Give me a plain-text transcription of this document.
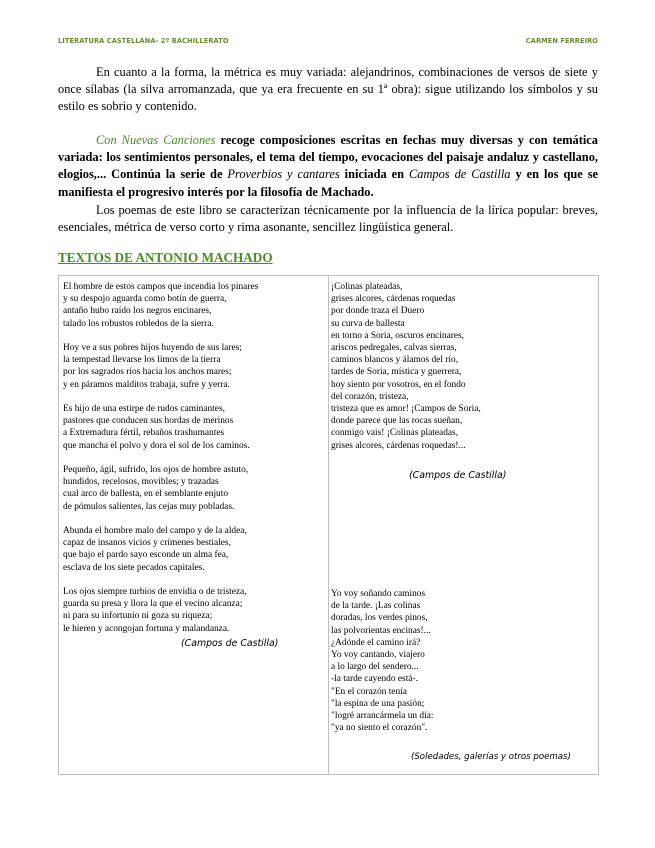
LITERATURA CASTELLANA- 2º BACHILLERATO	CARMEN FERREIRO
En cuanto a la forma, la métrica es muy variada: alejandrinos, combinaciones de versos de siete y once sílabas (la silva arromanzada, que ya era frecuente en su 1ª obra): sigue utilizando los símbolos y su estilo es sobrio y contenido.
Con Nuevas Canciones recoge composiciones escritas en fechas muy diversas y con temática variada: los sentimientos personales, el tema del tiempo, evocaciones del paisaje andaluz y castellano, elogios,... Continúa la serie de Proverbios y cantares iniciada en Campos de Castilla y en los que se manifiesta el progresivo interés por la filosofía de Machado.
Los poemas de este libro se caracterizan técnicamente por la influencia de la lírica popular: breves, esenciales, métrica de verso corto y rima asonante, sencillez lingüística general.
TEXTOS DE ANTONIO MACHADO
El hombre de estos campos que incendia los pinares
y su despojo aguarda como botín de guerra,
antaño hubo raído los negros encinares,
talado los robustos robledos de la sierra.
Hoy ve a sus pobres hijos huyendo de sus lares;
la tempestad llevarse los limos de la tierra
por los sagrados ríos hacia los anchos mares;
y en páramos malditos trabaja, sufre y yerra.
Es hijo de una estirpe de rudos caminantes,
pastores que conducen sus hordas de merinos
a Extremadura fértil, rebaños trashumantes
que mancha el polvo y dora el sol de los caminos.
Pequeño, ágil, sufrido, los ojos de hombre astuto,
hundidos, recelosos, movibles; y trazadas
cual arco de ballesta, en el semblante enjuto
de pómulos salientes, las cejas muy pobladas.
Abunda el hombre malo del campo y de la aldea,
capaz de insanos vicios y crímenes bestiales,
que bajo el pardo sayo esconde un alma fea,
esclava de los siete pecados capitales.
Los ojos siempre turbios de envidia o de tristeza,
guarda su presa y llora la que el vecino alcanza;
ni para su infortunio ni goza su riqueza;
le hieren y acongojan fortuna y malandanza.
(Campos de Castilla)
¡Colinas plateadas,
grises alcores, cárdenas roquedas
por donde traza el Duero
su curva de ballesta
en torno a Soria, oscuros encinares,
ariscos pedregales, calvas sierras,
caminos blancos y álamos del río,
tardes de Soria, mística y guerrera,
hoy siento por vosotros, en el fondo
del corazón, tristeza,
tristeza que es amor! ¡Campos de Soria,
donde parece que las rocas sueñan,
conmigo vais! ¡Colinas plateadas,
grises alcores, cárdenas roquedas!...
(Campos de Castilla)
Yo voy soñando caminos
de la tarde. ¡Las colinas
doradas, los verdes pinos,
las polvorientas encinas!...
¿Adónde el camino irá?
Yo voy cantando, viajero
a lo largo del sendero...
-la tarde cayendo está-.
"En el corazón tenía
"la espina de una pasión;
"logré arrancármela un día:
"ya no siento el corazón".
(Soledades, galerías y otros poemas)
